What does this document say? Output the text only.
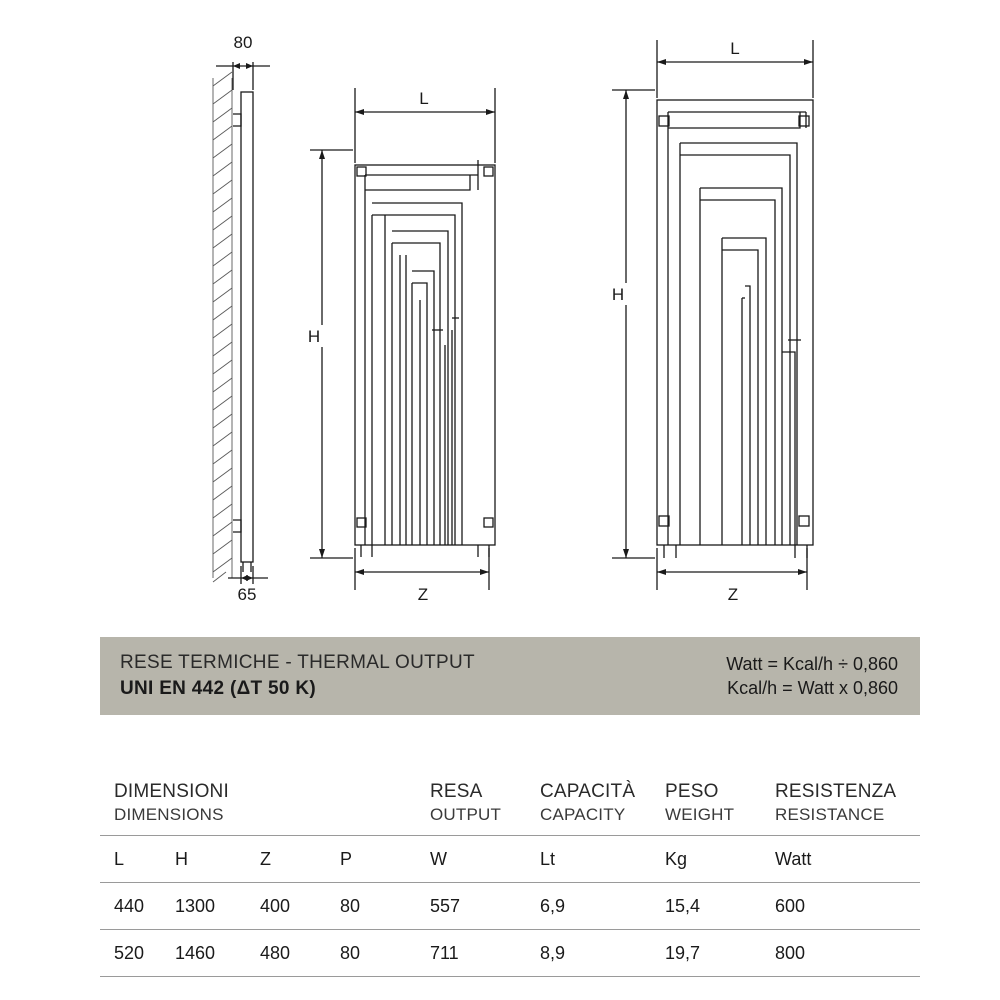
80
65
L
H
Z
L
H
Z
RESE TERMICHE - THERMAL OUTPUT
UNI EN 442 (ΔT 50 K)
Watt = Kcal/h ÷ 0,860
Kcal/h = Watt x 0,860
DIMENSIONI
DIMENSIONS
RESA
OUTPUT
CAPACITÀ
CAPACITY
PESO
WEIGHT
RESISTENZA
RESISTANCE
L	H	Z	P	W	Lt	Kg	Watt
440	1300	400	80	557	6,9	15,4	600
520	1460	480	80	711	8,9	19,7	800
